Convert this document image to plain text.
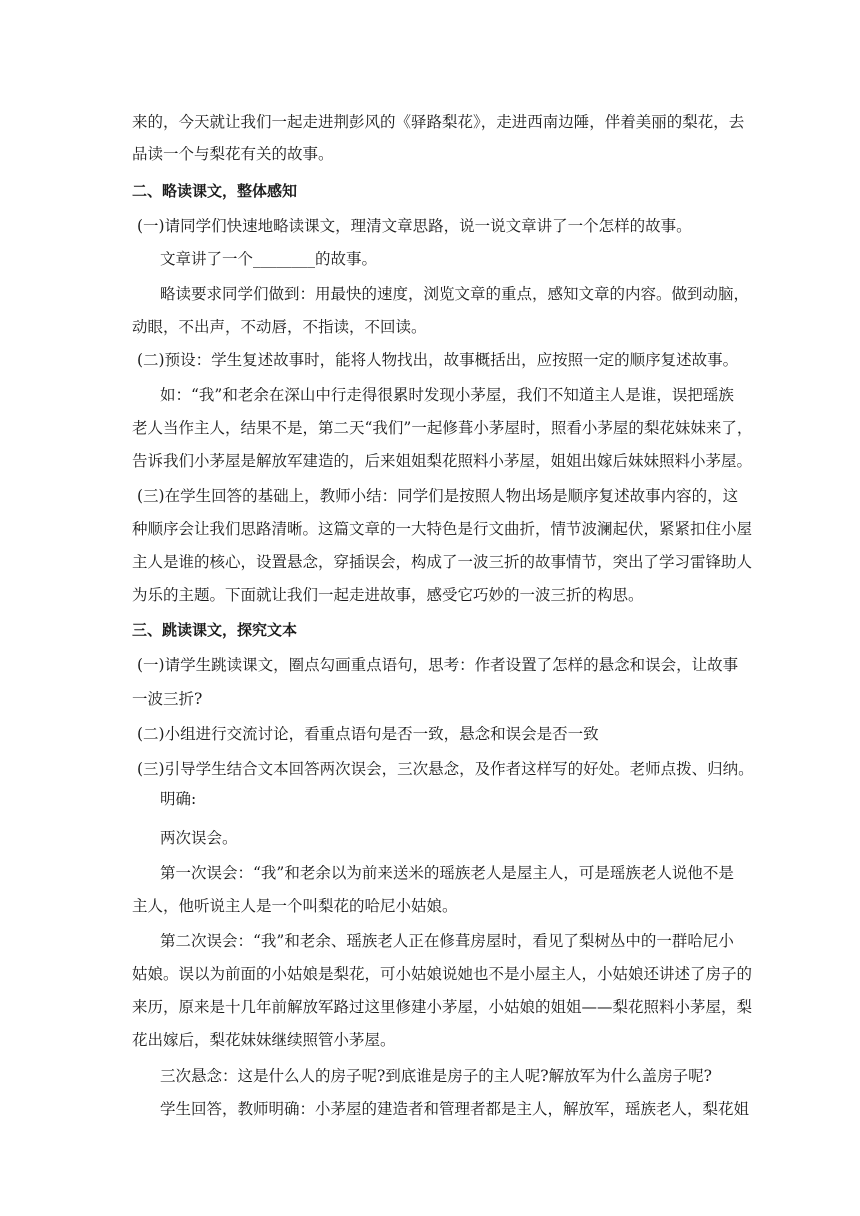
来的，今天就让我们一起走进荆彭风的《驿路梨花》，走进西南边陲，伴着美丽的梨花，去
品读一个与梨花有关的故事。
二、略读课文，整体感知
(一)请同学们快速地略读课文，理清文章思路，说一说文章讲了一个怎样的故事。
文章讲了一个________的故事。
略读要求同学们做到：用最快的速度，浏览文章的重点，感知文章的内容。做到动脑，
动眼，不出声，不动唇，不指读，不回读。
(二)预设：学生复述故事时，能将人物找出，故事概括出，应按照一定的顺序复述故事。
如：“我”和老余在深山中行走得很累时发现小茅屋，我们不知道主人是谁，误把瑶族
老人当作主人，结果不是，第二天“我们”一起修葺小茅屋时，照看小茅屋的梨花妹妹来了，
告诉我们小茅屋是解放军建造的，后来姐姐梨花照料小茅屋，姐姐出嫁后妹妹照料小茅屋。
(三)在学生回答的基础上，教师小结：同学们是按照人物出场是顺序复述故事内容的，这
种顺序会让我们思路清晰。这篇文章的一大特色是行文曲折，情节波澜起伏，紧紧扣住小屋
主人是谁的核心，设置悬念，穿插误会，构成了一波三折的故事情节，突出了学习雷锋助人
为乐的主题。下面就让我们一起走进故事，感受它巧妙的一波三折的构思。
三、跳读课文，探究文本
(一)请学生跳读课文，圈点勾画重点语句，思考：作者设置了怎样的悬念和误会，让故事
一波三折?
(二)小组进行交流讨论，看重点语句是否一致，悬念和误会是否一致
(三)引导学生结合文本回答两次误会，三次悬念，及作者这样写的好处。老师点拨、归纳。
明确:
两次误会。
第一次误会：“我”和老余以为前来送米的瑶族老人是屋主人，可是瑶族老人说他不是
主人，他听说主人是一个叫梨花的哈尼小姑娘。
第二次误会：“我”和老余、瑶族老人正在修葺房屋时，看见了梨树丛中的一群哈尼小
姑娘。误以为前面的小姑娘是梨花，可小姑娘说她也不是小屋主人，小姑娘还讲述了房子的
来历，原来是十几年前解放军路过这里修建小茅屋，小姑娘的姐姐——梨花照料小茅屋，梨
花出嫁后，梨花妹妹继续照管小茅屋。
三次悬念：这是什么人的房子呢?到底谁是房子的主人呢?解放军为什么盖房子呢?
学生回答，教师明确：小茅屋的建造者和管理者都是主人，解放军，瑶族老人，梨花姐
